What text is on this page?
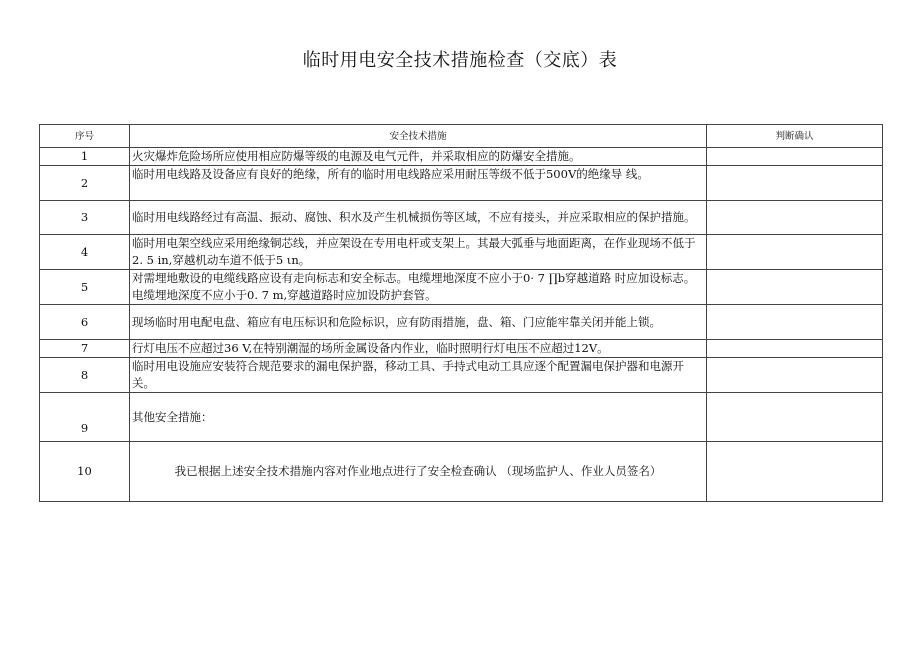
临时用电安全技术措施检查（交底）表
序号	安全技术措施	判断确认
1	火灾爆炸危险场所应使用相应防爆等级的电源及电气元件，并采取相应的防爆安全措施。	
2	临时用电线路及设备应有良好的绝缘，所有的临时用电线路应采用耐压等级不低于500V的绝缘导 线。	
3	临时用电线路经过有高温、振动、腐蚀、积水及产生机械损伤等区域，不应有接头，并应采取相应的保护措施。	
4	临时用电架空线应采用绝缘铜芯线，并应架设在专用电杆或支架上。其最大弧垂与地面距离，在作业现场不低于2. 5 in,穿越机动车道不低于5 ιn。	
5	对需埋地敷设的电缆线路应设有走向标志和安全标志。电缆埋地深度不应小于0· 7 ∏b穿越道路 时应加设标志。电缆埋地深度不应小于0. 7 m,穿越道路时应加设防护套管。	
6	现场临时用电配电盘、箱应有电压标识和危险标识，应有防雨措施，盘、箱、门应能牢靠关闭并能上锁。	
7	行灯电压不应超过36 V,在特别潮湿的场所金属设备内作业，临时照明行灯电压不应超过12V。	
8	临时用电设施应安装符合规范要求的漏电保护器，移动工具、手持式电动工具应逐个配置漏电保护器和电源开关。	
9	其他安全措施：	
10	我已根据上述安全技术措施内容对作业地点进行了安全检查确认 （现场监护人、作业人员签名）	
